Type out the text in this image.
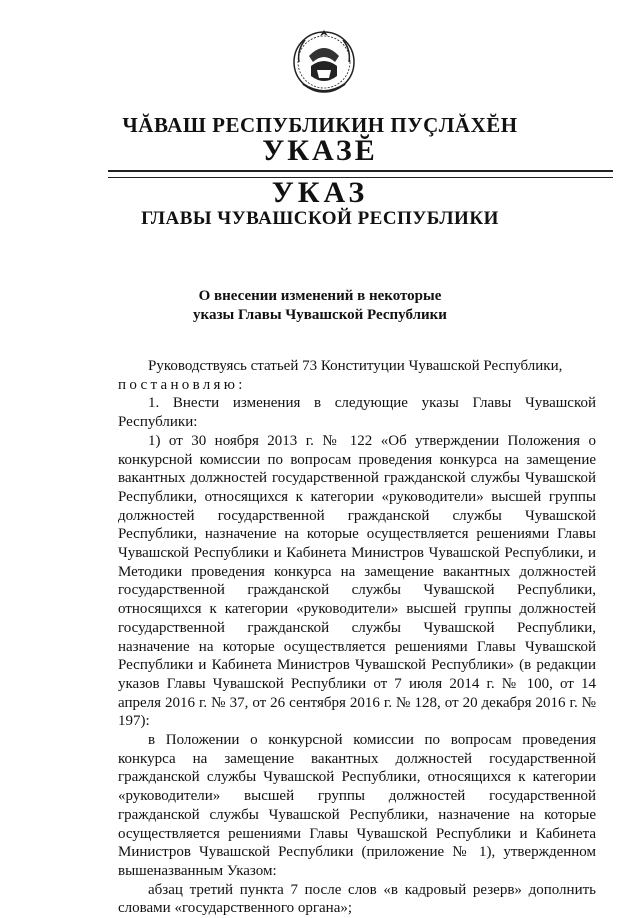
ЧĂВАШ РЕСПУБЛИКИН ПУÇЛĂХĔН
УКАЗĔ
УКАЗ
ГЛАВЫ ЧУВАШСКОЙ РЕСПУБЛИКИ
О внесении изменений в некоторые
указы Главы Чувашской Республики

Руководствуясь статьей 73 Конституции Чувашской Республики,

постановляю:

1. Внести изменения в следующие указы Главы Чувашской Республики:

1) от 30 ноября 2013 г. № 122 «Об утверждении Положения о конкурсной комиссии по вопросам проведения конкурса на замещение вакантных должностей государственной гражданской службы Чувашской Республики, относящихся к категории «руководители» высшей группы должностей государственной гражданской службы Чувашской Республики, назначение на которые осуществляется решениями Главы Чувашской Республики и Кабинета Министров Чувашской Республики, и Методики проведения конкурса на замещение вакантных должностей государственной гражданской службы Чувашской Республики, относящихся к категории «руководители» высшей группы должностей государственной гражданской службы Чувашской Республики, назначение на которые осуществляется решениями Главы Чувашской Республики и Кабинета Министров Чувашской Республики» (в редакции указов Главы Чувашской Республики от 7 июля 2014 г. № 100, от 14 апреля 2016 г. № 37, от 26 сентября 2016 г. № 128, от 20 декабря 2016 г. № 197):

в Положении о конкурсной комиссии по вопросам проведения конкурса на замещение вакантных должностей государственной гражданской службы Чувашской Республики, относящихся к категории «руководители» высшей группы должностей государственной гражданской службы Чувашской Республики, назначение на которые осуществляется решениями Главы Чувашской Республики и Кабинета Министров Чувашской Республики (приложение № 1), утвержденном вышеназванным Указом:

абзац третий пункта 7 после слов «в кадровый резерв» дополнить словами «государственного органа»;
